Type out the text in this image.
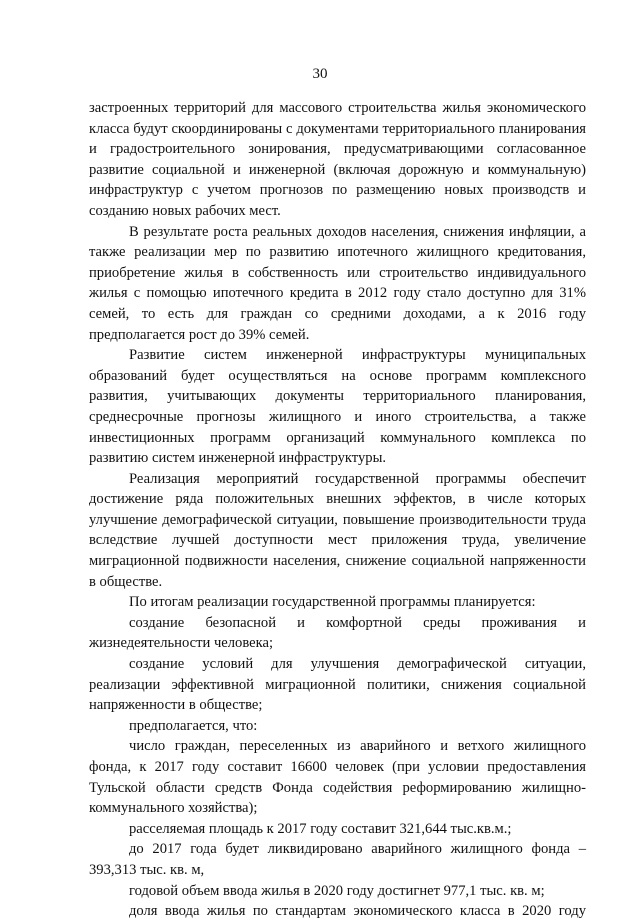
30

застроенных территорий для массового строительства жилья экономического класса будут скоординированы с документами территориального планирования и градостроительного зонирования, предусматривающими согласованное развитие социальной и инженерной (включая дорожную и коммунальную) инфраструктур с учетом прогнозов по размещению новых производств и созданию новых рабочих мест.

В результате роста реальных доходов населения, снижения инфляции, а также реализации мер по развитию ипотечного жилищного кредитования, приобретение жилья в собственность или строительство индивидуального жилья с помощью ипотечного кредита в 2012 году стало доступно для 31% семей, то есть для граждан со средними доходами, а к 2016 году предполагается рост до 39% семей.

Развитие систем инженерной инфраструктуры муниципальных образований будет осуществляться на основе программ комплексного развития, учитывающих документы территориального планирования, среднесрочные прогнозы жилищного и иного строительства, а также инвестиционных программ организаций коммунального комплекса по развитию систем инженерной инфраструктуры.

Реализация мероприятий государственной программы обеспечит достижение ряда положительных внешних эффектов, в числе которых улучшение демографической ситуации, повышение производительности труда вследствие лучшей доступности мест приложения труда, увеличение миграционной подвижности населения, снижение социальной напряженности в обществе.

По итогам реализации государственной программы планируется:

создание безопасной и комфортной среды проживания и жизнедеятельности человека;

создание условий для улучшения демографической ситуации, реализации эффективной миграционной политики, снижения социальной напряженности в обществе;

предполагается, что:

число граждан, переселенных из аварийного и ветхого жилищного фонда, к 2017 году составит 16600 человек (при условии предоставления Тульской области средств Фонда содействия реформированию жилищно-коммунального хозяйства);

расселяемая площадь к 2017 году составит 321,644 тыс.кв.м.;

до 2017 года будет ликвидировано аварийного жилищного фонда – 393,313 тыс. кв. м,

годовой объем ввода жилья в 2020 году достигнет 977,1 тыс. кв. м;

доля ввода жилья по стандартам экономического класса в 2020 году
